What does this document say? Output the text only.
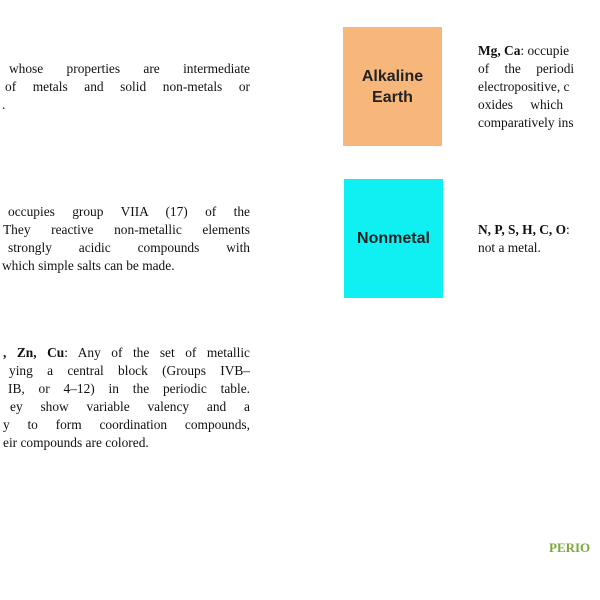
whose properties are intermediate
of metals and solid non-metals or
.
occupies group VIIA (17) of the
They reactive non-metallic elements
strongly acidic compounds with
which simple salts can be made.
, Zn, Cu: Any of the set of metallic
ying a central block (Groups IVB–
IB, or 4–12) in the periodic table.
ey show variable valency and a
y to form coordination compounds,
eir compounds are colored.
Alkaline
Earth
Nonmetal
Mg, Ca: occupie
of the periodi
electropositive, c
oxides which
comparatively ins
N, P, S, H, C, O:
not a metal.
PERIO
